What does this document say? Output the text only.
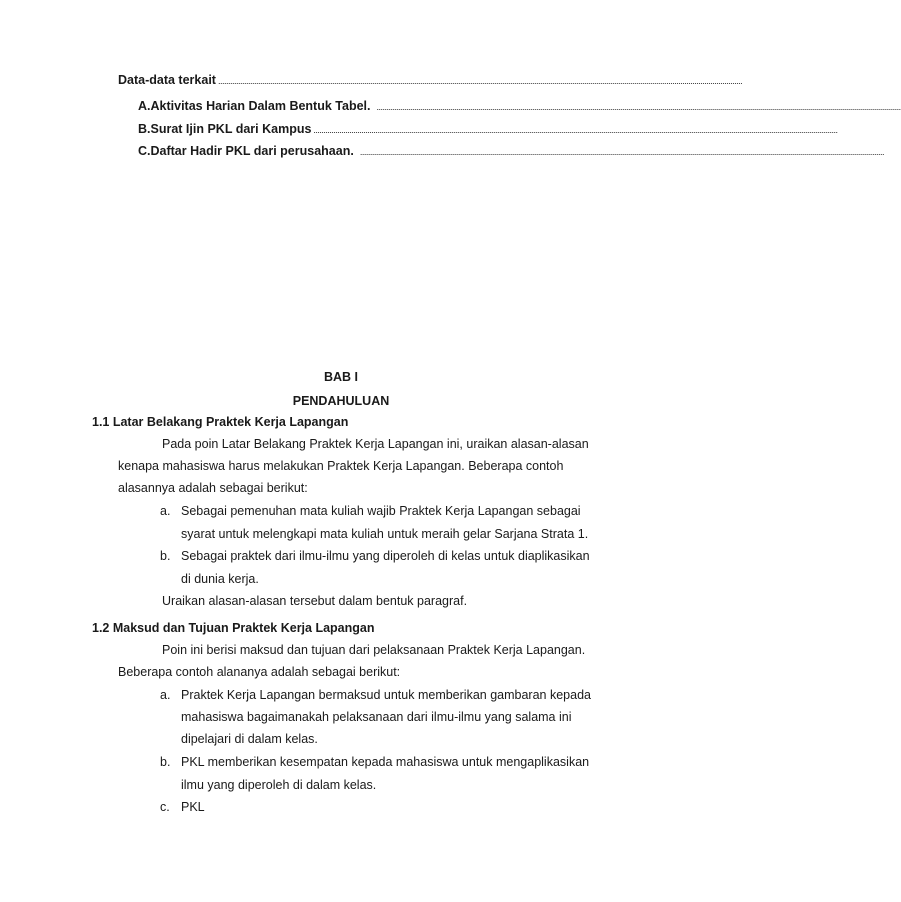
Data-data terkait ......................................................................................................................................................................................................................................................................
A. Aktivitas Harian Dalam Bentuk Tabel. ......................................................................................................................................................................................................................................................................
B. Surat Ijin PKL dari Kampus ......................................................................................................................................................................................................................................................................
C. Daftar Hadir PKL dari perusahaan. ......................................................................................................................................................................................................................................................................
BAB I
PENDAHULUAN
1.1 Latar Belakang Praktek Kerja Lapangan
Pada poin Latar Belakang Praktek Kerja Lapangan ini, uraikan alasan-alasan
kenapa mahasiswa harus melakukan Praktek Kerja Lapangan. Beberapa contoh
alasannya adalah sebagai berikut:
a. Sebagai pemenuhan mata kuliah wajib Praktek Kerja Lapangan sebagai
syarat untuk melengkapi mata kuliah untuk meraih gelar Sarjana Strata 1.
b. Sebagai praktek dari ilmu-ilmu yang diperoleh di kelas untuk diaplikasikan
di dunia kerja.
Uraikan alasan-alasan tersebut dalam bentuk paragraf.
1.2 Maksud dan Tujuan Praktek Kerja Lapangan
Poin ini berisi maksud dan tujuan dari pelaksanaan Praktek Kerja Lapangan.
Beberapa contoh alananya adalah sebagai berikut:
a. Praktek Kerja Lapangan bermaksud untuk memberikan gambaran kepada
mahasiswa bagaimanakah pelaksanaan dari ilmu-ilmu yang salama ini
dipelajari di dalam kelas.
b. PKL memberikan kesempatan kepada mahasiswa untuk mengaplikasikan
ilmu yang diperoleh di dalam kelas.
c. PKL
